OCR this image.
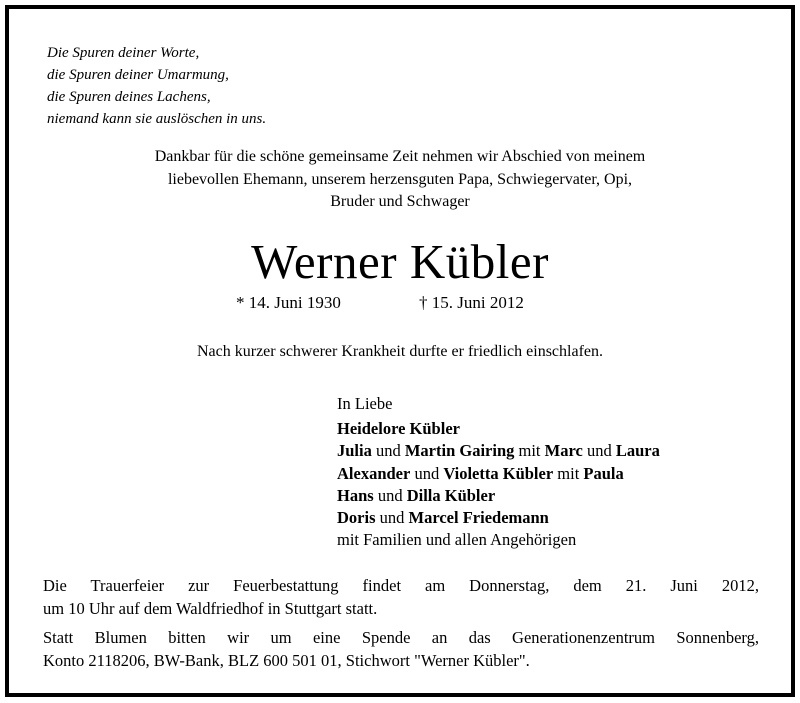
Die Spuren deiner Worte,
die Spuren deiner Umarmung,
die Spuren deines Lachens,
niemand kann sie auslöschen in uns.
Dankbar für die schöne gemeinsame Zeit nehmen wir Abschied von meinem
liebevollen Ehemann, unserem herzensguten Papa, Schwiegervater, Opi,
Bruder und Schwager
Werner Kübler
* 14. Juni 1930	† 15. Juni 2012
Nach kurzer schwerer Krankheit durfte er friedlich einschlafen.
In Liebe
Heidelore Kübler
Julia und Martin Gairing mit Marc und Laura
Alexander und Violetta Kübler mit Paula
Hans und Dilla Kübler
Doris und Marcel Friedemann
mit Familien und allen Angehörigen
Die Trauerfeier zur Feuerbestattung findet am Donnerstag, dem 21. Juni 2012,
um 10 Uhr auf dem Waldfriedhof in Stuttgart statt.
Statt Blumen bitten wir um eine Spende an das Generationenzentrum Sonnenberg,
Konto 2118206, BW-Bank, BLZ 600 501 01, Stichwort "Werner Kübler".
